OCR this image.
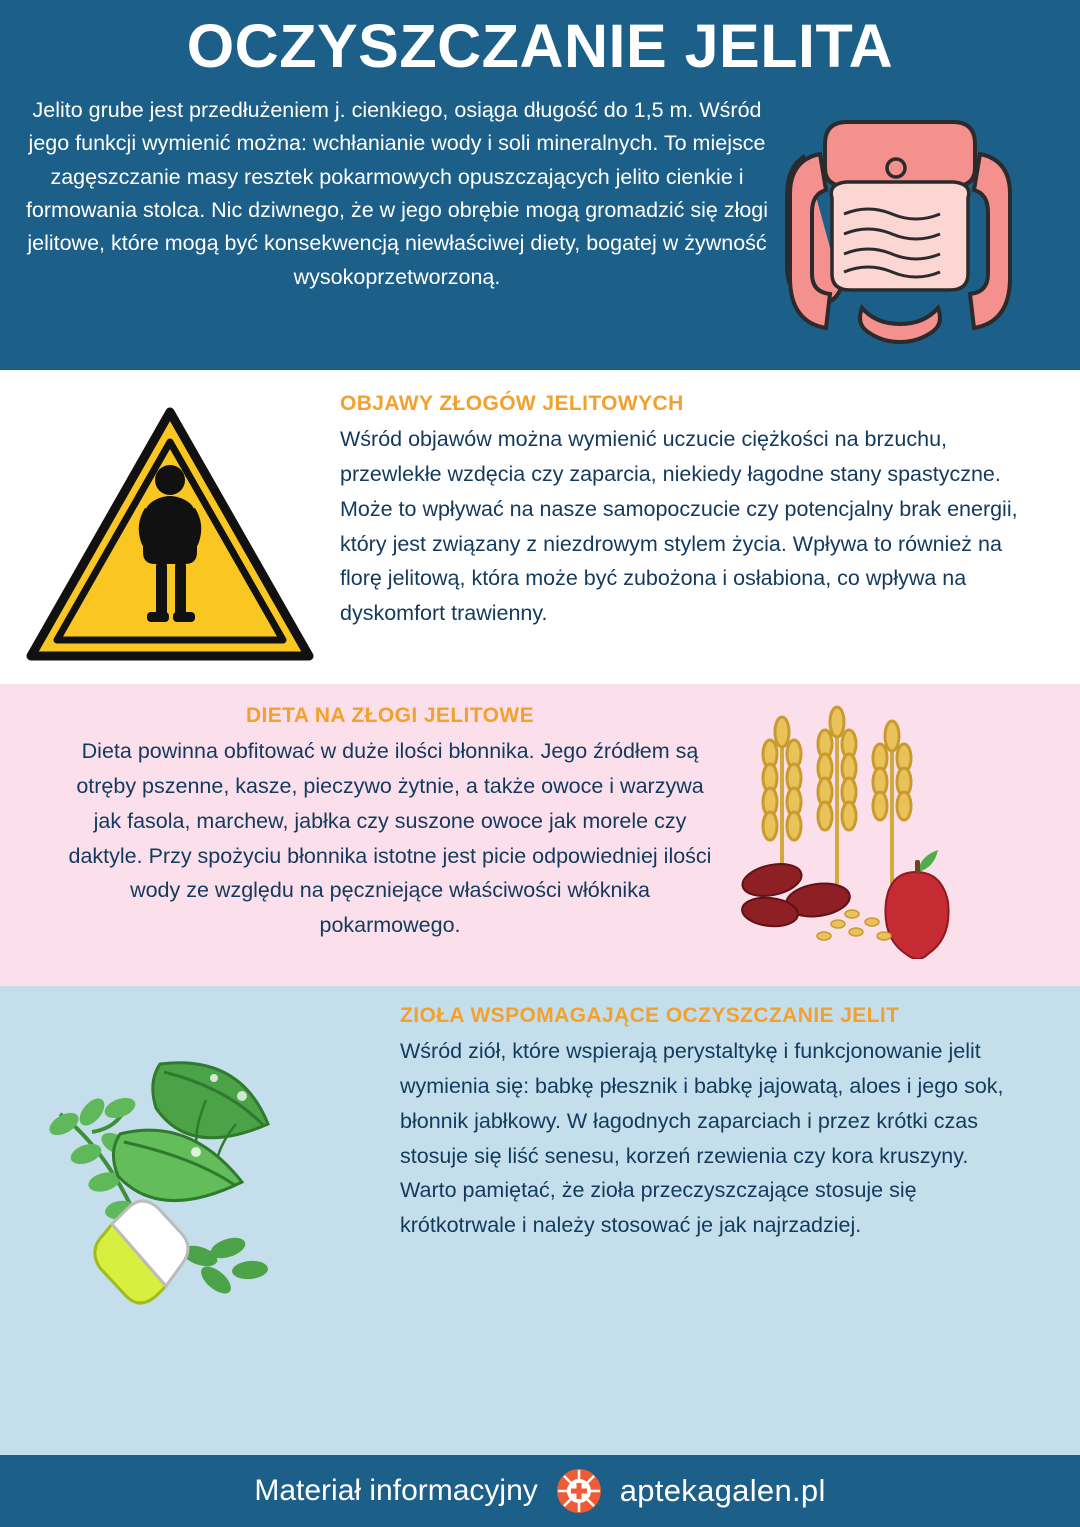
OCZYSZCZANIE JELITA
Jelito grube jest przedłużeniem j. cienkiego, osiąga długość do 1,5 m. Wśród jego funkcji wymienić można: wchłanianie wody i soli mineralnych. To miejsce zagęszczanie masy resztek pokarmowych opuszczających jelito cienkie i formowania stolca. Nic dziwnego, że w jego obrębie mogą gromadzić się złogi jelitowe, które mogą być konsekwencją niewłaściwej diety, bogatej w żywność wysokoprzetworzoną.
OBJAWY ZŁOGÓW JELITOWYCH
Wśród objawów można wymienić uczucie ciężkości na brzuchu, przewlekłe wzdęcia czy zaparcia, niekiedy łagodne stany spastyczne. Może to wpływać na nasze samopoczucie czy potencjalny brak energii, który jest związany z niezdrowym stylem życia. Wpływa to również na florę jelitową, która może być zubożona i osłabiona, co wpływa na dyskomfort trawienny.
DIETA NA ZŁOGI JELITOWE
Dieta powinna obfitować w duże ilości błonnika. Jego źródłem są otręby pszenne, kasze, pieczywo żytnie, a także owoce i warzywa jak fasola, marchew, jabłka czy suszone owoce jak morele czy daktyle. Przy spożyciu błonnika istotne jest picie odpowiedniej ilości wody ze względu na pęczniejące właściwości włóknika pokarmowego.
ZIOŁA WSPOMAGAJĄCE OCZYSZCZANIE JELIT
Wśród ziół, które wspierają perystaltykę i funkcjonowanie jelit wymienia się: babkę płesznik i babkę jajowatą, aloes i jego sok, błonnik jabłkowy. W łagodnych zaparciach i przez krótki czas stosuje się liść senesu, korzeń rzewienia czy kora kruszyny. Warto pamiętać, że zioła przeczyszczające stosuje się krótkotrwale i należy stosować je jak najrzadziej.
Materiał informacyjny	aptekagalen.pl
